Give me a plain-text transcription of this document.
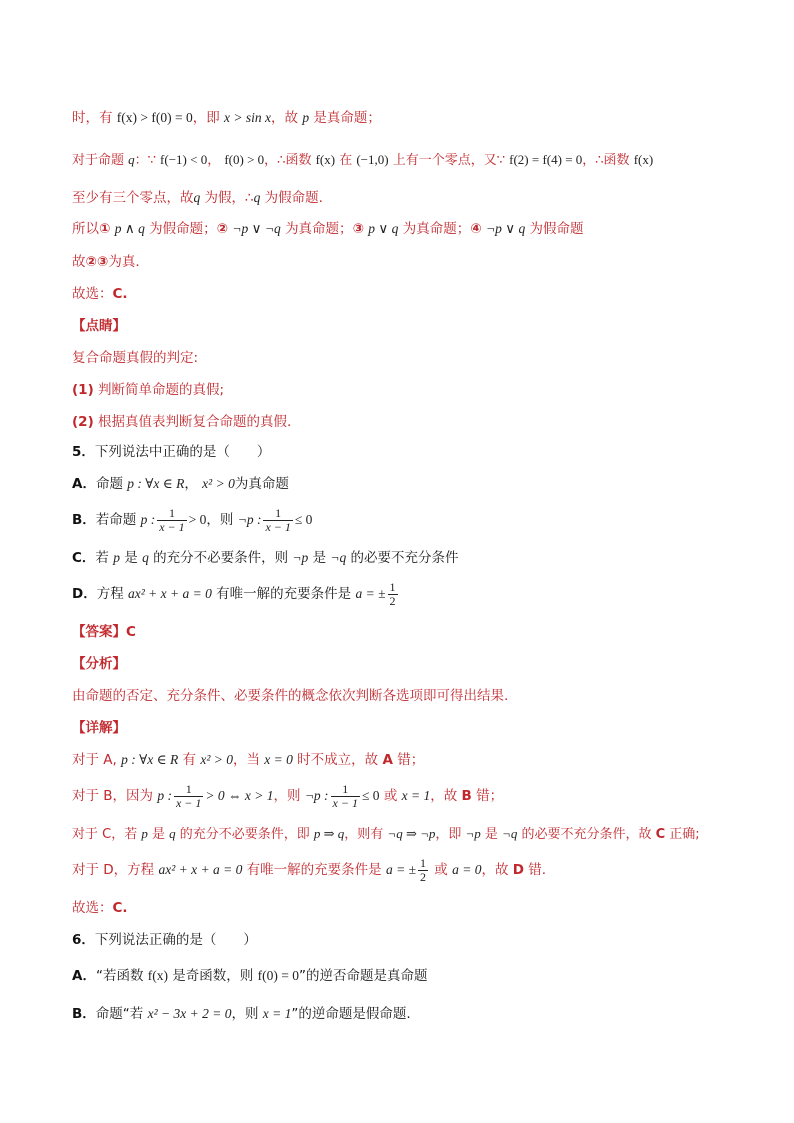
时，有 f(x) > f(0) = 0，即 x > sin x，故 p 是真命题；
对于命题 q：∵ f(−1) < 0， f(0) > 0，∴函数 f(x) 在 (−1,0) 上有一个零点，又∵ f(2) = f(4) = 0，∴函数 f(x)
至少有三个零点，故q 为假，∴q 为假命题.
所以① p ∧ q 为假命题；② ¬p ∨ ¬q 为真命题；③ p ∨ q 为真命题；④ ¬p ∨ q 为假命题
故②③为真.
故选：C.
【点睛】
复合命题真假的判定:
(1) 判断简单命题的真假;
(2) 根据真值表判断复合命题的真假.
5．下列说法中正确的是（　　）
A．命题 p : ∀x ∈ R， x² > 0为真命题
B．若命题 p : $\frac{1}{x - 1} > 0$，则 ¬p : $\frac{1}{x - 1} \le 0$
C．若 p 是 q 的充分不必要条件，则 ¬p 是 ¬q 的必要不充分条件
D．方程 ax² + x + a = 0 有唯一解的充要条件是 a = ± $\frac{1}{2}$
【答案】C
【分析】
由命题的否定、充分条件、必要条件的概念依次判断各选项即可得出结果.
【详解】
对于 A, p : ∀x ∈ R 有 x² > 0，当 x = 0 时不成立，故 A 错；
对于 B，因为 p : $\frac{1}{x - 1} > 0$ ⇔ x > 1，则 ¬p : $\frac{1}{x - 1} \le 0$ 或 x = 1，故 B 错；
对于 C，若 p 是 q 的充分不必要条件，即 p ⇒ q，则有 ¬q ⇒ ¬p，即 ¬p 是 ¬q 的必要不充分条件，故 C 正确;
对于 D，方程 ax² + x + a = 0 有唯一解的充要条件是 a = ± $\frac{1}{2}$ 或 a = 0，故 D 错.
故选：C.
6．下列说法正确的是（　　）
A．“若函数 f(x) 是奇函数，则 f(0) = 0”的逆否命题是真命题
B．命题“若 x² − 3x + 2 = 0，则 x = 1”的逆命题是假命题.
